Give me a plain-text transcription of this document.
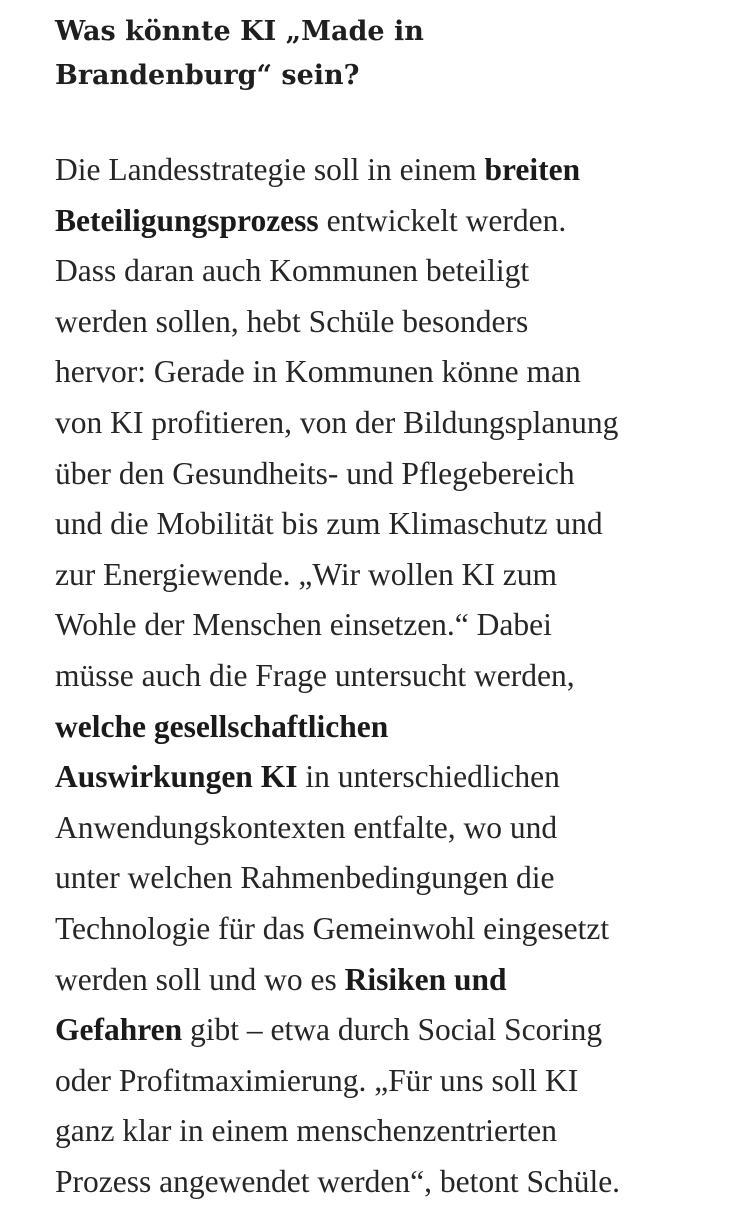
Was könnte KI „Made in
Brandenburg“ sein?

Die Landesstrategie soll in einem breiten
Beteiligungsprozess entwickelt werden.
Dass daran auch Kommunen beteiligt
werden sollen, hebt Schüle besonders
hervor: Gerade in Kommunen könne man
von KI profitieren, von der Bildungsplanung
über den Gesundheits- und Pflegebereich
und die Mobilität bis zum Klimaschutz und
zur Energiewende. „Wir wollen KI zum
Wohle der Menschen einsetzen.“ Dabei
müsse auch die Frage untersucht werden,
welche gesellschaftlichen
Auswirkungen KI in unterschiedlichen
Anwendungskontexten entfalte, wo und
unter welchen Rahmenbedingungen die
Technologie für das Gemeinwohl eingesetzt
werden soll und wo es Risiken und
Gefahren gibt – etwa durch Social Scoring
oder Profitmaximierung. „Für uns soll KI
ganz klar in einem menschenzentrierten
Prozess angewendet werden“, betont Schüle.
